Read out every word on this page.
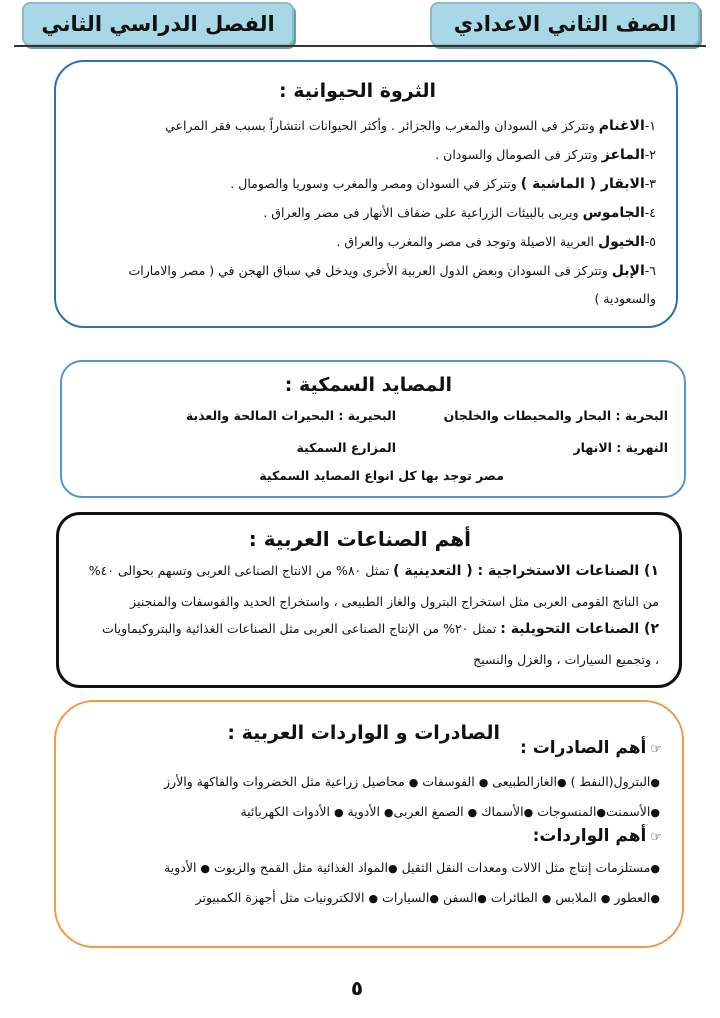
الصف الثاني الاعدادي
الفصل الدراسي الثاني
الثروة الحيوانية :
١-الاغنام وتتركز فى السودان والمغرب والجزائر . وأكثر الحيوانات انتشاراً بسبب فقر المراعي
٢-الماعز وتتركز فى الصومال والسودان .
٣-الابقار ( الماشية ) وتتركز في السودان ومصر والمغرب وسوريا والصومال .
٤-الجاموس ويربى بالبيئات الزراعية على ضفاف الأنهار فى مصر والعراق .
٥-الخيول العربية الاصيلة وتوجد فى مصر والمغرب والعراق .
٦-الإبل وتتركز فى السودان وبعض الدول العربية الأخرى ويدخل في سباق الهجن في ( مصر والامارات
والسعودية )
المصايد السمكية :
البحرية : البحار والمحيطات والخلجان
البحيرية : البحيرات المالحة والعذبة
النهرية : الانهار
المزارع السمكية
مصر توجد بها كل انواع المصايد السمكية
أهم الصناعات العربية :
١) الصناعات الاستخراجية : ( التعدينية ) تمثل ٨٠% من الانتاج الصناعى العربى وتسهم بحوالى ٤٠%
من الناتج القومى العربى مثل استخراج البترول والغاز الطبيعى ، واستخراج الحديد والفوسفات والمنجنيز
٢) الصناعات التحويلية : تمثل ٢٠% من الإنتاج الصناعى العربى مثل الصناعات الغذائية والبتروكيماويات
، وتجميع السيارات ، والغزل والنسيج
الصادرات و الواردات العربية :
☞أهم الصادرات :
●البترول(النفط ) ●الغازالطبيعى ● الفوسفات ● محاصيل زراعية مثل الخضروات والفاكهة والأرز
●الأسمنت●المنسوجات ●الأسماك ● الصمغ العربى● الأدوية ● الأدوات الكهربائية
☞أهم الواردات:
●مستلزمات إنتاج مثل الالات ومعدات النقل الثقيل ●المواد الغذائية مثل القمح والزيوت ● الأدوية
●العطور ● الملابس ● الطائرات ●السفن ●السيارات ● الالكترونيات مثل أجهزة الكمبيوتر
٥
